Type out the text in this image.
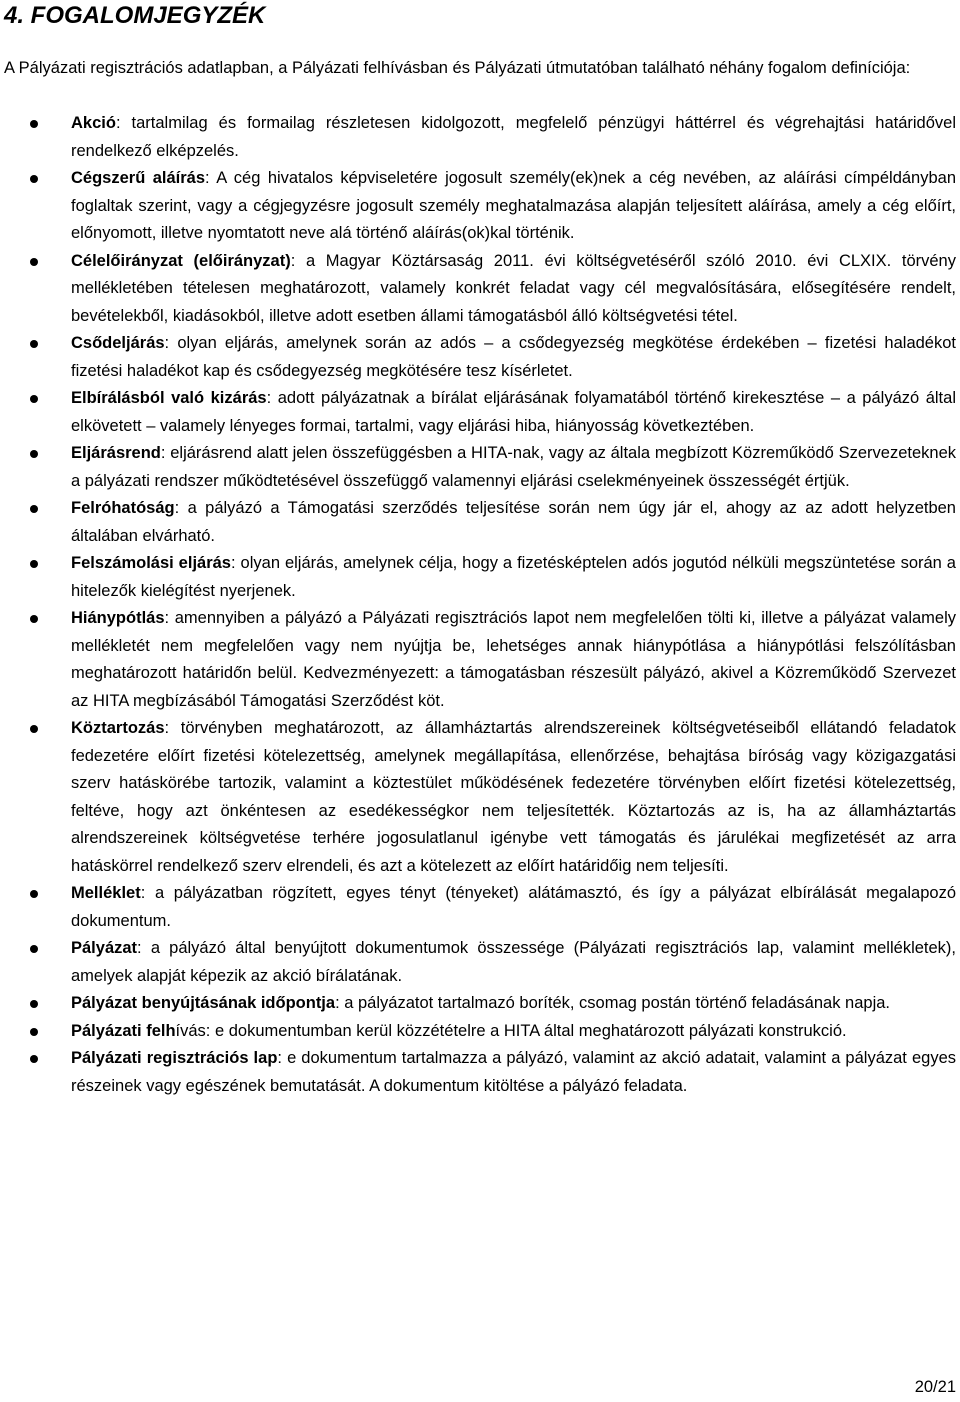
4. FOGALOMJEGYZÉK

A Pályázati regisztrációs adatlapban, a Pályázati felhívásban és Pályázati útmutatóban található néhány fogalom definíciója:

Akció: tartalmilag és formailag részletesen kidolgozott, megfelelő pénzügyi háttérrel és végrehajtási határidővel rendelkező elképzelés.
Cégszerű aláírás: A cég hivatalos képviseletére jogosult személy(ek)nek a cég nevében, az aláírási címpéldányban foglaltak szerint, vagy a cégjegyzésre jogosult személy meghatalmazása alapján teljesített aláírása, amely a cég előírt, előnyomott, illetve nyomtatott neve alá történő aláírás(ok)kal történik.
Célelőirányzat (előirányzat): a Magyar Köztársaság 2011. évi költségvetéséről szóló 2010. évi CLXIX. törvény mellékletében tételesen meghatározott, valamely konkrét feladat vagy cél megvalósítására, elősegítésére rendelt, bevételekből, kiadásokból, illetve adott esetben állami támogatásból álló költségvetési tétel.
Csődeljárás: olyan eljárás, amelynek során az adós – a csődegyezség megkötése érdekében – fizetési haladékot fizetési haladékot kap és csődegyezség megkötésére tesz kísérletet.
Elbírálásból való kizárás: adott pályázatnak a bírálat eljárásának folyamatából történő kirekesztése – a pályázó által elkövetett – valamely lényeges formai, tartalmi, vagy eljárási hiba, hiányosság következtében.
Eljárásrend: eljárásrend alatt jelen összefüggésben a HITA-nak, vagy az általa megbízott Közreműködő Szervezeteknek a pályázati rendszer működtetésével összefüggő valamennyi eljárási cselekményeinek összességét értjük.
Felróhatóság: a pályázó a Támogatási szerződés teljesítése során nem úgy jár el, ahogy az az adott helyzetben általában elvárható.
Felszámolási eljárás: olyan eljárás, amelynek célja, hogy a fizetésképtelen adós jogutód nélküli megszüntetése során a hitelezők kielégítést nyerjenek.
Hiánypótlás: amennyiben a pályázó a Pályázati regisztrációs lapot nem megfelelően tölti ki, illetve a pályázat valamely mellékletét nem megfelelően vagy nem nyújtja be, lehetséges annak hiánypótlása a hiánypótlási felszólításban meghatározott határidőn belül. Kedvezményezett: a támogatásban részesült pályázó, akivel a Közreműködő Szervezet az HITA megbízásából Támogatási Szerződést köt.
Köztartozás: törvényben meghatározott, az államháztartás alrendszereinek költségvetéseiből ellátandó feladatok fedezetére előírt fizetési kötelezettség, amelynek megállapítása, ellenőrzése, behajtása bíróság vagy közigazgatási szerv hatáskörébe tartozik, valamint a köztestület működésének fedezetére törvényben előírt fizetési kötelezettség, feltéve, hogy azt önkéntesen az esedékességkor nem teljesítették. Köztartozás az is, ha az államháztartás alrendszereinek költségvetése terhére jogosulatlanul igénybe vett támogatás és járulékai megfizetését az arra hatáskörrel rendelkező szerv elrendeli, és azt a kötelezett az előírt határidőig nem teljesíti.
Melléklet: a pályázatban rögzített, egyes tényt (tényeket) alátámasztó, és így a pályázat elbírálását megalapozó dokumentum.
Pályázat: a pályázó által benyújtott dokumentumok összessége (Pályázati regisztrációs lap, valamint mellékletek), amelyek alapját képezik az akció bírálatának.
Pályázat benyújtásának időpontja: a pályázatot tartalmazó boríték, csomag postán történő feladásának napja.
Pályázati felhívás: e dokumentumban kerül közzétételre a HITA által meghatározott pályázati konstrukció.
Pályázati regisztrációs lap: e dokumentum tartalmazza a pályázó, valamint az akció adatait, valamint a pályázat egyes részeinek vagy egészének bemutatását. A dokumentum kitöltése a pályázó feladata.
20/21
